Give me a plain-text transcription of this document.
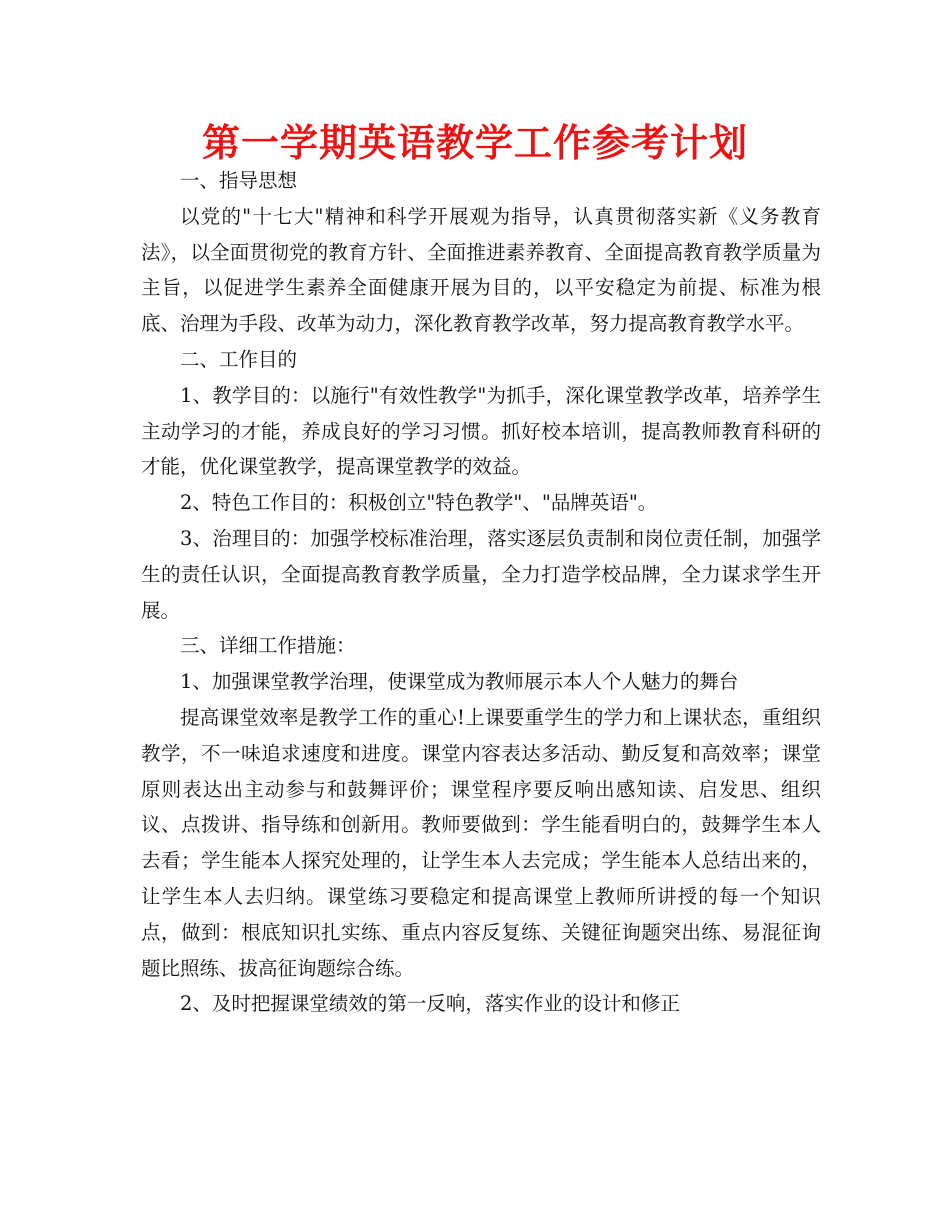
第一学期英语教学工作参考计划

一、指导思想

以党的"十七大"精神和科学开展观为指导，认真贯彻落实新《义务教育法》，以全面贯彻党的教育方针、全面推进素养教育、全面提高教育教学质量为主旨，以促进学生素养全面健康开展为目的，以平安稳定为前提、标准为根底、治理为手段、改革为动力，深化教育教学改革，努力提高教育教学水平。

二、工作目的

1、教学目的：以施行"有效性教学"为抓手，深化课堂教学改革，培养学生主动学习的才能，养成良好的学习习惯。抓好校本培训，提高教师教育科研的才能，优化课堂教学，提高课堂教学的效益。

2、特色工作目的：积极创立"特色教学"、"品牌英语"。

3、治理目的：加强学校标准治理，落实逐层负责制和岗位责任制，加强学生的责任认识，全面提高教育教学质量，全力打造学校品牌，全力谋求学生开展。

三、详细工作措施：

1、加强课堂教学治理，使课堂成为教师展示本人个人魅力的舞台

提高课堂效率是教学工作的重心!上课要重学生的学力和上课状态，重组织教学，不一味追求速度和进度。课堂内容表达多活动、勤反复和高效率；课堂原则表达出主动参与和鼓舞评价；课堂程序要反响出感知读、启发思、组织议、点拨讲、指导练和创新用。教师要做到：学生能看明白的，鼓舞学生本人去看；学生能本人探究处理的，让学生本人去完成；学生能本人总结出来的，让学生本人去归纳。课堂练习要稳定和提高课堂上教师所讲授的每一个知识点，做到：根底知识扎实练、重点内容反复练、关键征询题突出练、易混征询题比照练、拔高征询题综合练。

2、及时把握课堂绩效的第一反响，落实作业的设计和修正
